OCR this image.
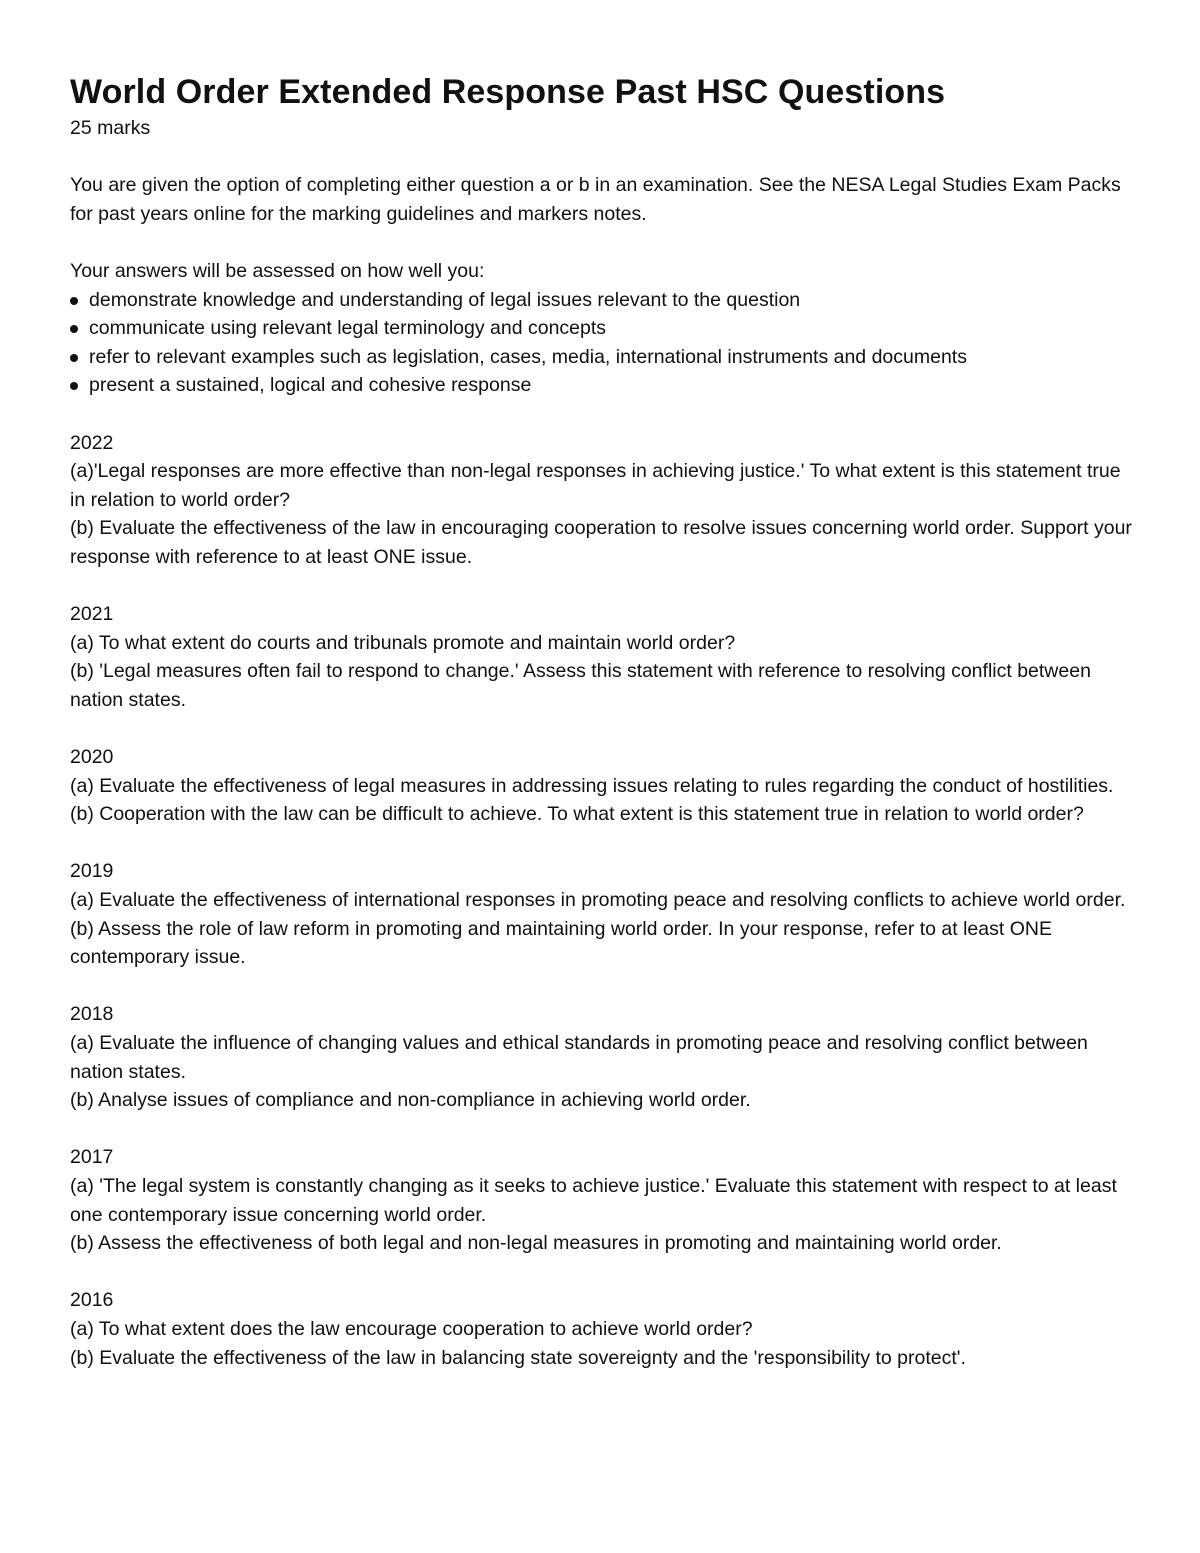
World Order Extended Response Past HSC Questions

25 marks

You are given the option of completing either question a or b in an examination. See the NESA Legal Studies Exam Packs for past years online for the marking guidelines and markers notes.

Your answers will be assessed on how well you:

demonstrate knowledge and understanding of legal issues relevant to the question
communicate using relevant legal terminology and concepts
refer to relevant examples such as legislation, cases, media, international instruments and documents
present a sustained, logical and cohesive response

2022

(a)'Legal responses are more effective than non-legal responses in achieving justice.' To what extent is this statement true in relation to world order?

(b) Evaluate the effectiveness of the law in encouraging cooperation to resolve issues concerning world order. Support your response with reference to at least ONE issue.

2021

(a) To what extent do courts and tribunals promote and maintain world order?

(b) 'Legal measures often fail to respond to change.' Assess this statement with reference to resolving conflict between nation states.

2020

(a) Evaluate the effectiveness of legal measures in addressing issues relating to rules regarding the conduct of hostilities.

(b) Cooperation with the law can be difficult to achieve. To what extent is this statement true in relation to world order?

2019

(a) Evaluate the effectiveness of international responses in promoting peace and resolving conflicts to achieve world order.

(b) Assess the role of law reform in promoting and maintaining world order. In your response, refer to at least ONE contemporary issue.

2018

(a) Evaluate the influence of changing values and ethical standards in promoting peace and resolving conflict between nation states.

(b) Analyse issues of compliance and non-compliance in achieving world order.

2017

(a) 'The legal system is constantly changing as it seeks to achieve justice.' Evaluate this statement with respect to at least one contemporary issue concerning world order.

(b) Assess the effectiveness of both legal and non-legal measures in promoting and maintaining world order.

2016

(a) To what extent does the law encourage cooperation to achieve world order?

(b) Evaluate the effectiveness of the law in balancing state sovereignty and the 'responsibility to protect'.
